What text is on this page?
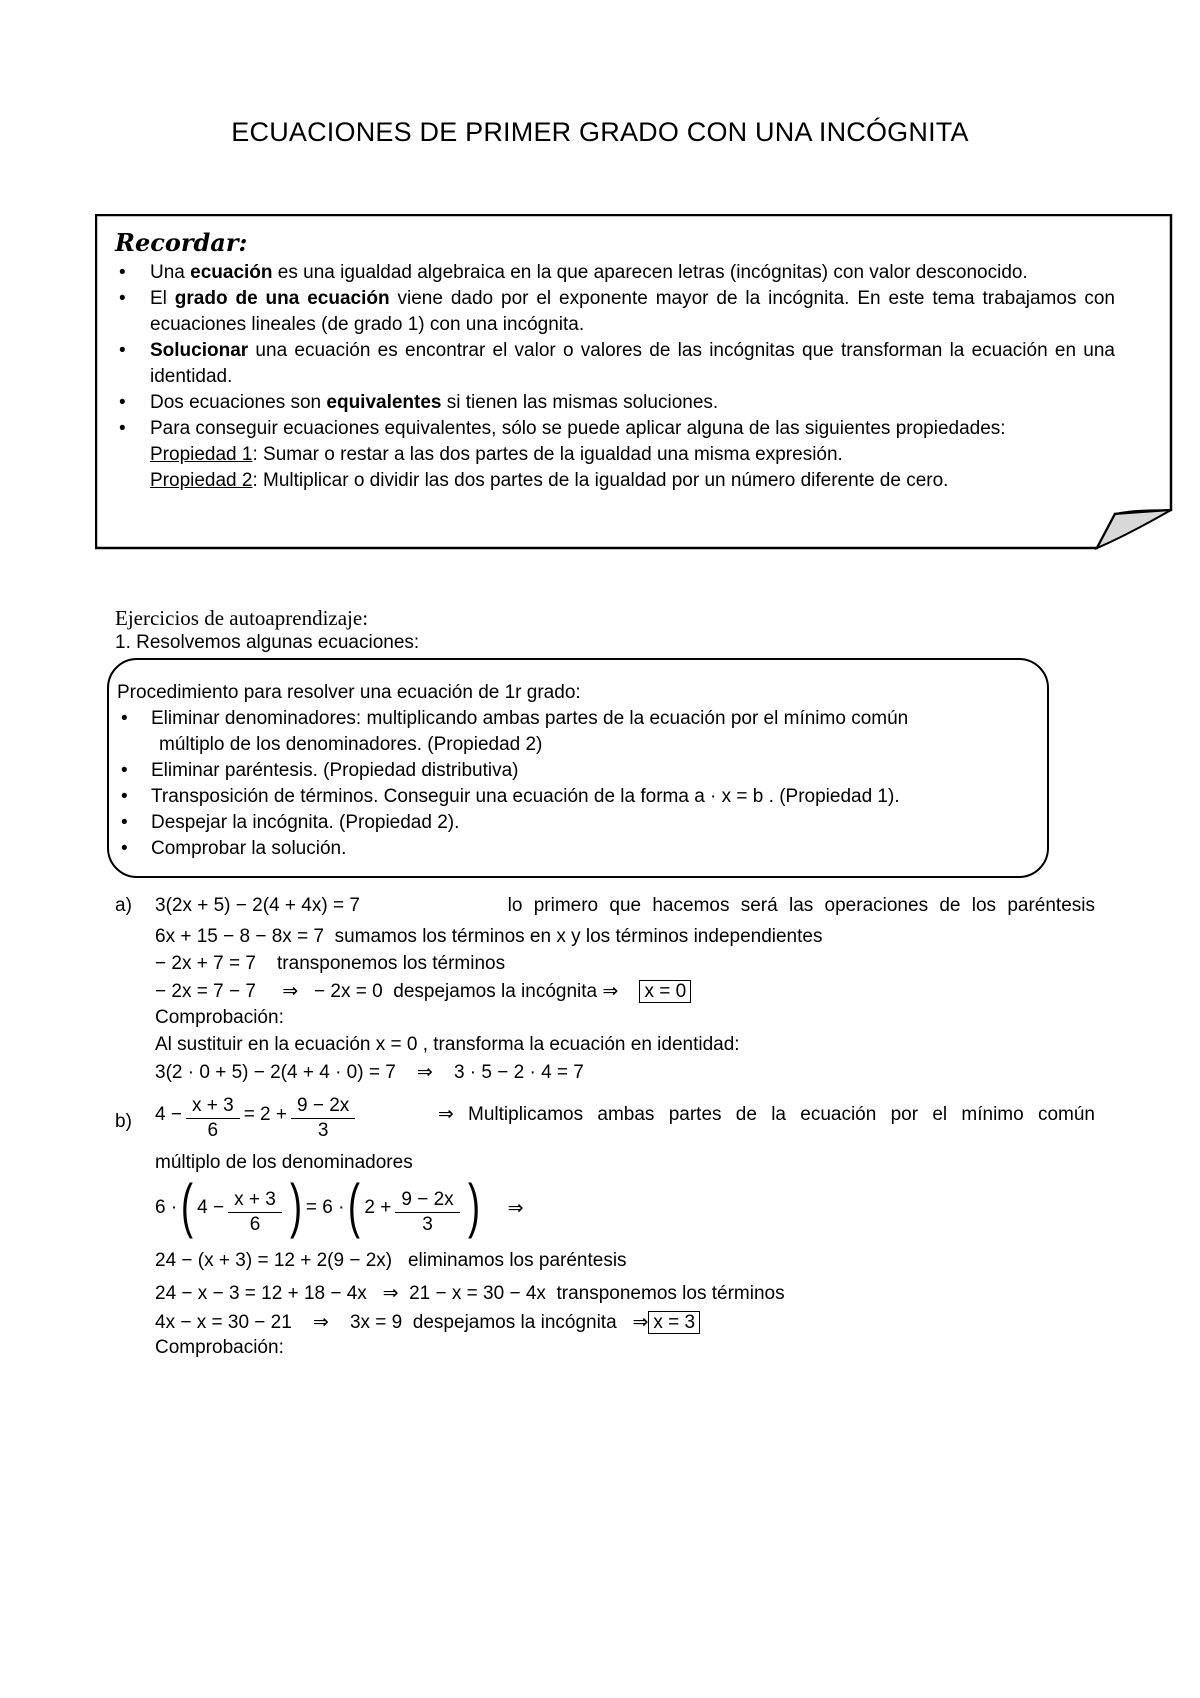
ECUACIONES DE PRIMER GRADO CON UNA INCÓGNITA
Recordar:
• Una ecuación es una igualdad algebraica en la que aparecen letras (incógnitas) con valor desconocido.
• El grado de una ecuación viene dado por el exponente mayor de la incógnita. En este tema trabajamos con ecuaciones lineales (de grado 1) con una incógnita.
• Solucionar una ecuación es encontrar el valor o valores de las incógnitas que transforman la ecuación en una identidad.
• Dos ecuaciones son equivalentes si tienen las mismas soluciones.
• Para conseguir ecuaciones equivalentes, sólo se puede aplicar alguna de las siguientes propiedades:
Propiedad 1: Sumar o restar a las dos partes de la igualdad una misma expresión.
Propiedad 2: Multiplicar o dividir las dos partes de la igualdad por un número diferente de cero.
Ejercicios de autoaprendizaje:
1. Resolvemos algunas ecuaciones:
Procedimiento para resolver una ecuación de 1r grado:
• Eliminar denominadores: multiplicando ambas partes de la ecuación por el mínimo común
múltiplo de los denominadores. (Propiedad 2)
• Eliminar paréntesis. (Propiedad distributiva)
• Transposición de términos. Conseguir una ecuación de la forma a · x = b . (Propiedad 1).
• Despejar la incógnita. (Propiedad 2).
• Comprobar la solución.
a) 3(2x + 5) − 2(4 + 4x) = 7	lo primero que hacemos será las operaciones de los paréntesis
6x + 15 − 8 − 8x = 7 sumamos los términos en x y los términos independientes
− 2x + 7 = 7 transponemos los términos
− 2x = 7 − 7     ⇒   − 2x = 0 despejamos la incógnita ⇒ x = 0
Comprobación:
Al sustituir en la ecuación x = 0 , transforma la ecuación en identidad:
3(2 · 0 + 5) − 2(4 + 4 · 0) = 7    ⇒    3 · 5 − 2 · 4 = 7
b) $4 - \frac{x + 3}{6} = 2 + \frac{9 - 2x}{3}$	⇒ Multiplicamos ambas partes de la ecuación por el mínimo común
múltiplo de los denominadores
6 · ( $4 - \frac{x + 3}{6}$ ) = 6 · ( $2 + \frac{9 - 2x}{3}$ ) ⇒
24 − (x + 3) = 12 + 2(9 − 2x) eliminamos los paréntesis
24 − x − 3 = 12 + 18 − 4x   ⇒  21 − x = 30 − 4x transponemos los términos
4x − x = 30 − 21    ⇒    3x = 9 despejamos la incógnita   ⇒ x = 3
Comprobación:
